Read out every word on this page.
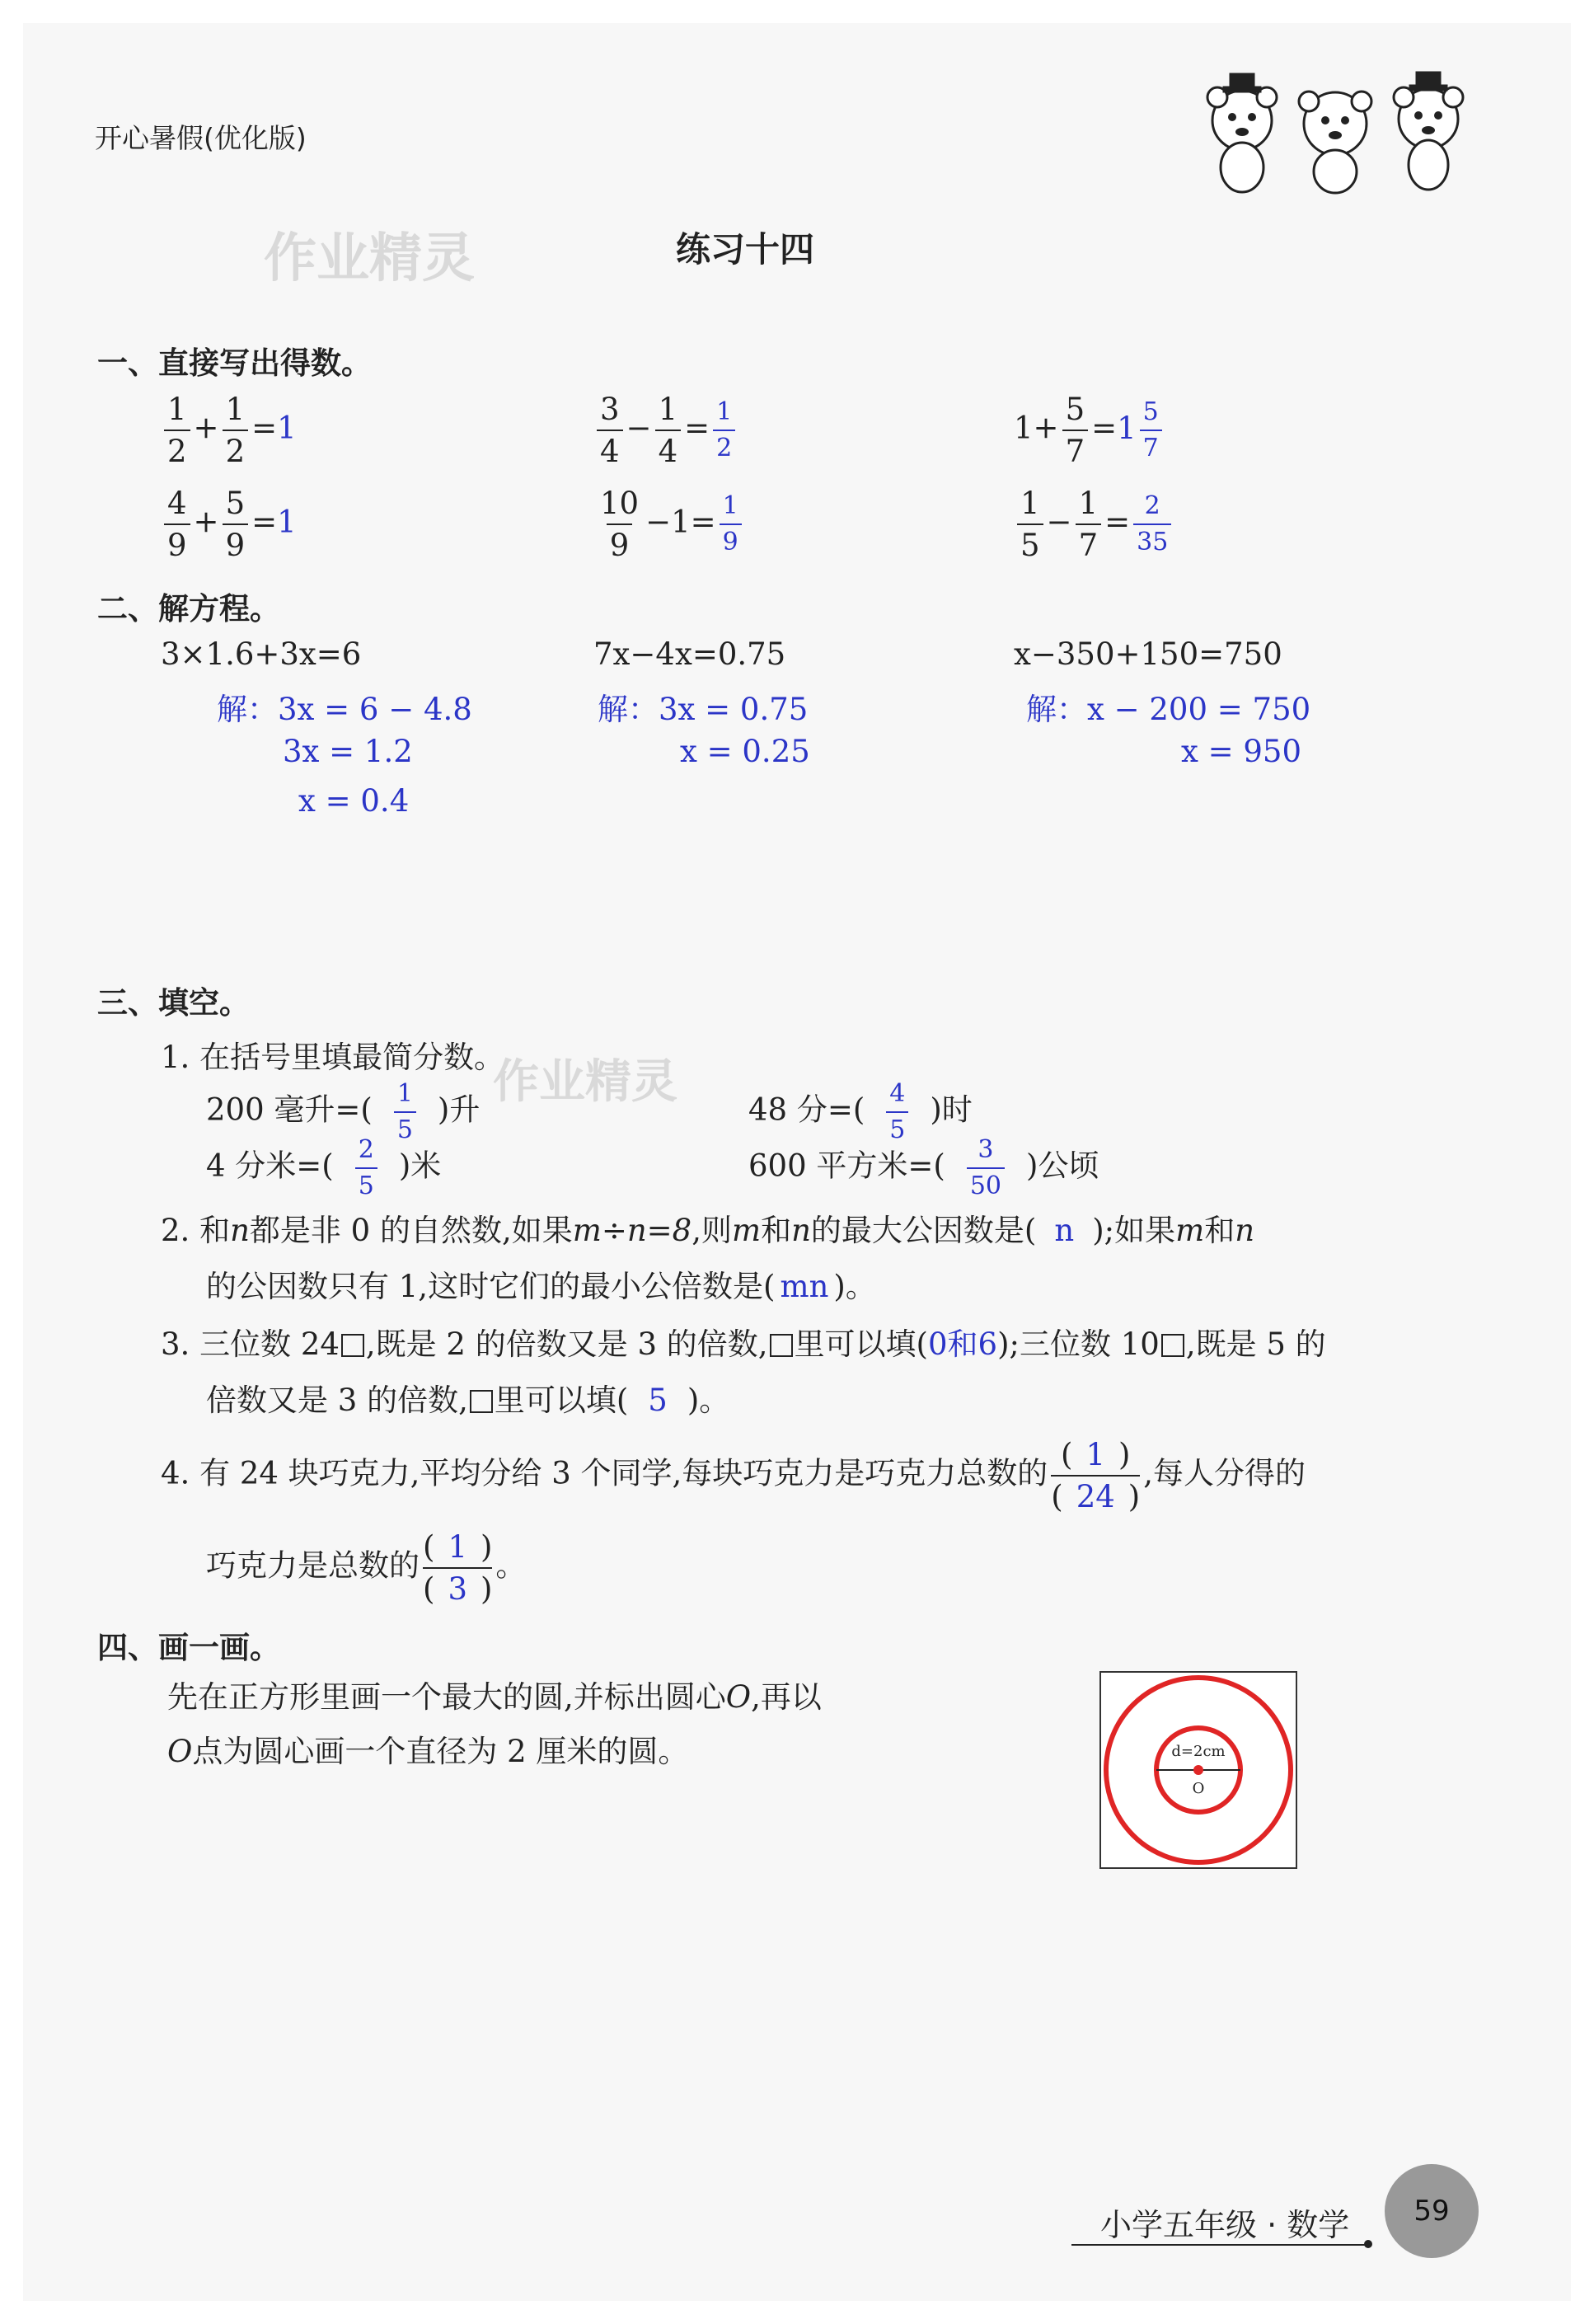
开心暑假(优化版)
作业精灵	练习十四
一、直接写出得数。
$\frac{1}{2} + \frac{1}{2} =1$	$\frac{3}{4} - \frac{1}{4} = \frac{1}{2}$	$1+ \frac{5}{7} =1 \frac{5}{7}$
$\frac{4}{9} + \frac{5}{9} =1$	$\frac{10}{9} -1= \frac{1}{9}$	$\frac{1}{5} - \frac{1}{7} = \frac{2}{35}$
二、解方程。
3×1.6+3x=6	7x−4x=0.75	x−350+150=750
解：3x = 6 − 4.8
3x = 1.2
x = 0.4
解：3x = 0.75
x = 0.25
解：x − 200 = 750
x = 950
三、填空。
1. 在括号里填最简分数。
作业精灵
200 毫升=( $\frac{1}{5}$ )升	48 分=( $\frac{4}{5}$ )时
4 分米=( $\frac{2}{5}$ )米	600 平方米=( $\frac{3}{50}$ )公顷
2. 和n都是非 0 的自然数,如果m÷n=8,则m和n的最大公因数是( n );如果m和n
的公因数只有 1,这时它们的最小公倍数是( mn )。
3. 三位数 24 ,既是 2 的倍数又是 3 的倍数, 里可以填(0和6);三位数 10 ,既是 5 的
倍数又是 3 的倍数, 里可以填( 5 )。
4. 有 24 块巧克力,平均分给 3 个同学,每块巧克力是巧克力总数的 $\frac{( 1 )}{( 24 )}$ ,每人分得的
巧克力是总数的 $\frac{( 1 )}{( 3 )}$ 。
四、画一画。
先在正方形里画一个最大的圆,并标出圆心O,再以
O点为圆心画一个直径为 2 厘米的圆。	d=2cm
O
小学五年级 · 数学	59
